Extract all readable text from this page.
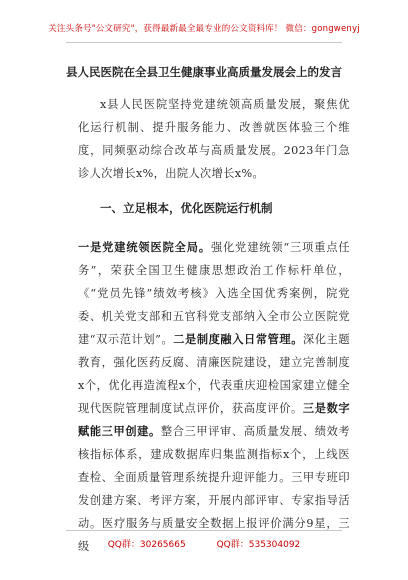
关注头条号"公文研究"，获得最新最全最专业的公文资料库！ 微信：gongwenyj
县人民医院在全县卫生健康事业高质量发展会上的发言
x县人民医院坚持党建统领高质量发展，聚焦优化运行机制、提升服务能力、改善就医体验三个维度，同频驱动综合改革与高质量发展。2023年门急诊人次增长x%，出院人次增长x%。
一、立足根本，优化医院运行机制
一是党建统领医院全局。强化党建统领“三项重点任务”，荣获全国卫生健康思想政治工作标杆单位，《“党员先锋”绩效考核》入选全国优秀案例，院党委、机关党支部和五官科党支部纳入全市公立医院党建“双示范计划”。二是制度融入日常管理。深化主题教育，强化医药反腐、清廉医院建设，建立完善制度x个，优化再造流程x个，代表重庆迎检国家建立健全现代医院管理制度试点评价，获高度评价。三是数字赋能三甲创建。整合三甲评审、高质量发展、绩效考核指标体系，建成数据库归集监测指标x个，上线医查检、全面质量管理系统提升迎评能力。三甲专班印发创建方案、考评方案，开展内部评审、专家指导活动。医疗服务与质量安全数据上报评价满分9星，三级	QQ群：30265665	QQ群：535304092
